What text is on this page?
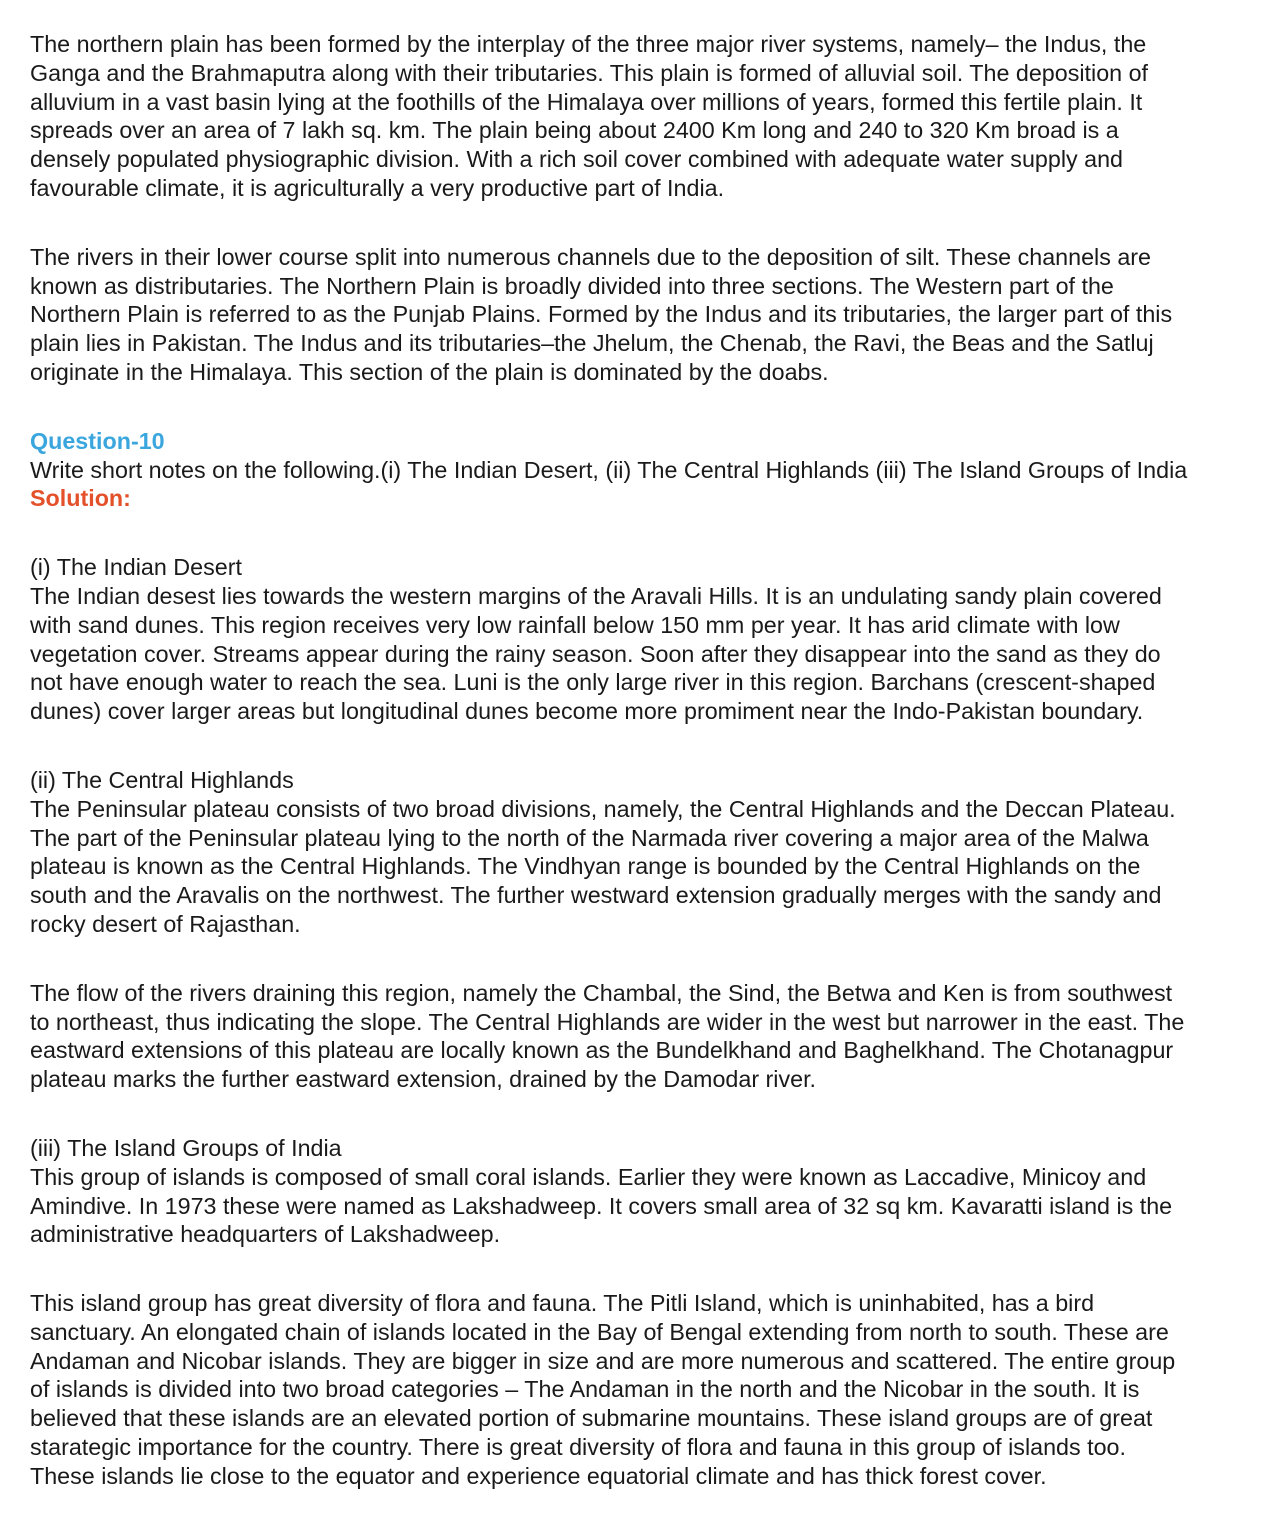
The northern plain has been formed by the interplay of the three major river systems, namely– the Indus, the
Ganga and the Brahmaputra along with their tributaries. This plain is formed of alluvial soil. The deposition of
alluvium in a vast basin lying at the foothills of the Himalaya over millions of years, formed this fertile plain. It
spreads over an area of 7 lakh sq. km. The plain being about 2400 Km long and 240 to 320 Km broad is a
densely populated physiographic division. With a rich soil cover combined with adequate water supply and
favourable climate, it is agriculturally a very productive part of India.

The rivers in their lower course split into numerous channels due to the deposition of silt. These channels are
known as distributaries. The Northern Plain is broadly divided into three sections. The Western part of the
Northern Plain is referred to as the Punjab Plains. Formed by the Indus and its tributaries, the larger part of this
plain lies in Pakistan. The Indus and its tributaries–the Jhelum, the Chenab, the Ravi, the Beas and the Satluj
originate in the Himalaya. This section of the plain is dominated by the doabs.

Question-10

Write short notes on the following.(i) The Indian Desert, (ii) The Central Highlands (iii) The Island Groups of India

Solution:

(i) The Indian Desert

The Indian desest lies towards the western margins of the Aravali Hills. It is an undulating sandy plain covered
with sand dunes. This region receives very low rainfall below 150 mm per year. It has arid climate with low
vegetation cover. Streams appear during the rainy season. Soon after they disappear into the sand as they do
not have enough water to reach the sea. Luni is the only large river in this region. Barchans (crescent-shaped
dunes) cover larger areas but longitudinal dunes become more promiment near the Indo-Pakistan boundary.

(ii) The Central Highlands

The Peninsular plateau consists of two broad divisions, namely, the Central Highlands and the Deccan Plateau.
The part of the Peninsular plateau lying to the north of the Narmada river covering a major area of the Malwa
plateau is known as the Central Highlands. The Vindhyan range is bounded by the Central Highlands on the
south and the Aravalis on the northwest. The further westward extension gradually merges with the sandy and
rocky desert of Rajasthan.

The flow of the rivers draining this region, namely the Chambal, the Sind, the Betwa and Ken is from southwest
to northeast, thus indicating the slope. The Central Highlands are wider in the west but narrower in the east. The
eastward extensions of this plateau are locally known as the Bundelkhand and Baghelkhand. The Chotanagpur
plateau marks the further eastward extension, drained by the Damodar river.

(iii) The Island Groups of India

This group of islands is composed of small coral islands. Earlier they were known as Laccadive, Minicoy and
Amindive. In 1973 these were named as Lakshadweep. It covers small area of 32 sq km. Kavaratti island is the
administrative headquarters of Lakshadweep.

This island group has great diversity of flora and fauna. The Pitli Island, which is uninhabited, has a bird
sanctuary. An elongated chain of islands located in the Bay of Bengal extending from north to south. These are
Andaman and Nicobar islands. They are bigger in size and are more numerous and scattered. The entire group
of islands is divided into two broad categories – The Andaman in the north and the Nicobar in the south. It is
believed that these islands are an elevated portion of submarine mountains. These island groups are of great
starategic importance for the country. There is great diversity of flora and fauna in this group of islands too.
These islands lie close to the equator and experience equatorial climate and has thick forest cover.
